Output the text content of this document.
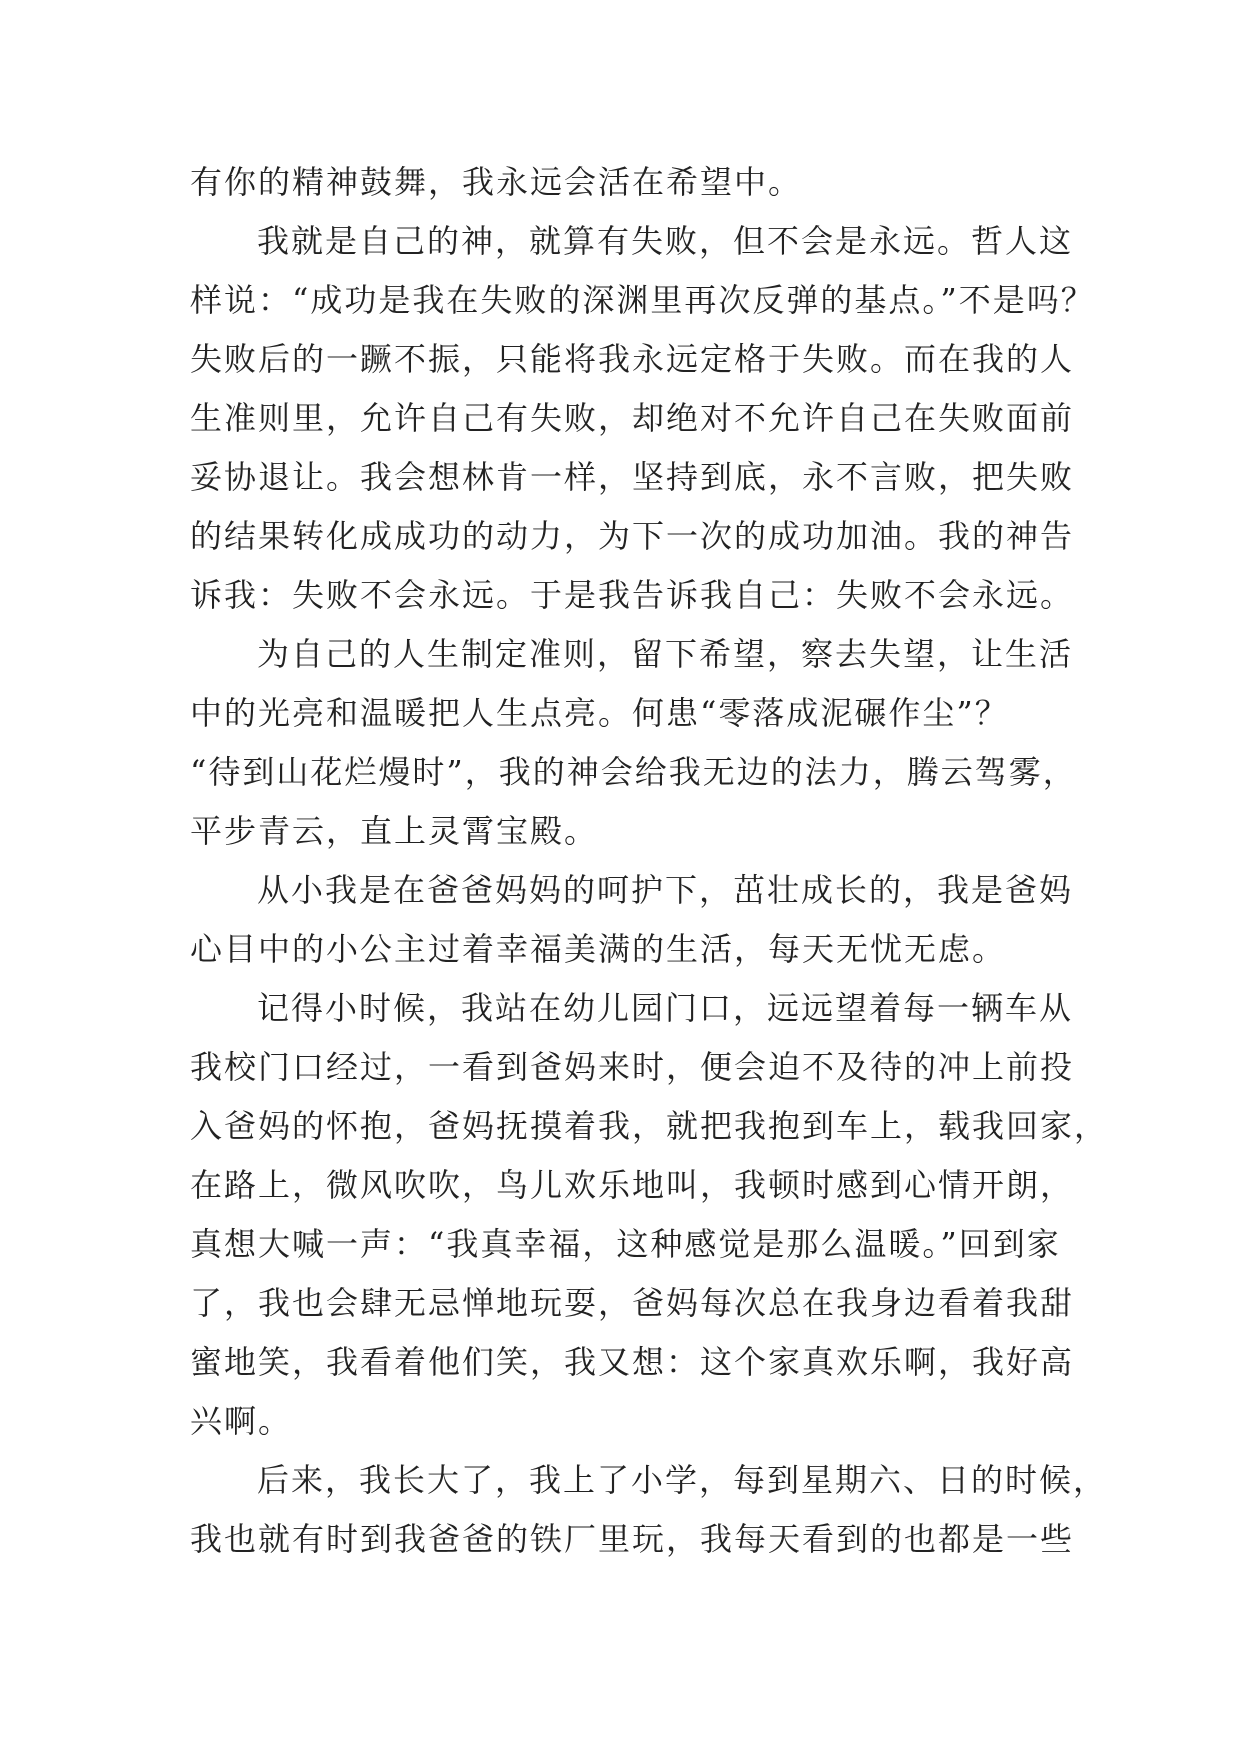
有你的精神鼓舞，我永远会活在希望中。
我就是自己的神，就算有失败，但不会是永远。哲人这
样说：“成功是我在失败的深渊里再次反弹的基点。”不是吗？
失败后的一蹶不振，只能将我永远定格于失败。而在我的人
生准则里，允许自己有失败，却绝对不允许自己在失败面前
妥协退让。我会想林肯一样，坚持到底，永不言败，把失败
的结果转化成成功的动力，为下一次的成功加油。我的神告
诉我：失败不会永远。于是我告诉我自己：失败不会永远。
为自己的人生制定准则，留下希望，察去失望，让生活
中的光亮和温暖把人生点亮。何患“零落成泥碾作尘”？
“待到山花烂熳时”，我的神会给我无边的法力，腾云驾雾，
平步青云，直上灵霄宝殿。
从小我是在爸爸妈妈的呵护下，茁壮成长的，我是爸妈
心目中的小公主过着幸福美满的生活，每天无忧无虑。
记得小时候，我站在幼儿园门口，远远望着每一辆车从
我校门口经过，一看到爸妈来时，便会迫不及待的冲上前投
入爸妈的怀抱，爸妈抚摸着我，就把我抱到车上，载我回家，
在路上，微风吹吹，鸟儿欢乐地叫，我顿时感到心情开朗，
真想大喊一声：“我真幸福，这种感觉是那么温暖。”回到家
了，我也会肆无忌惮地玩耍，爸妈每次总在我身边看着我甜
蜜地笑，我看着他们笑，我又想：这个家真欢乐啊，我好高
兴啊。
后来，我长大了，我上了小学，每到星期六、日的时候，
我也就有时到我爸爸的铁厂里玩，我每天看到的也都是一些
